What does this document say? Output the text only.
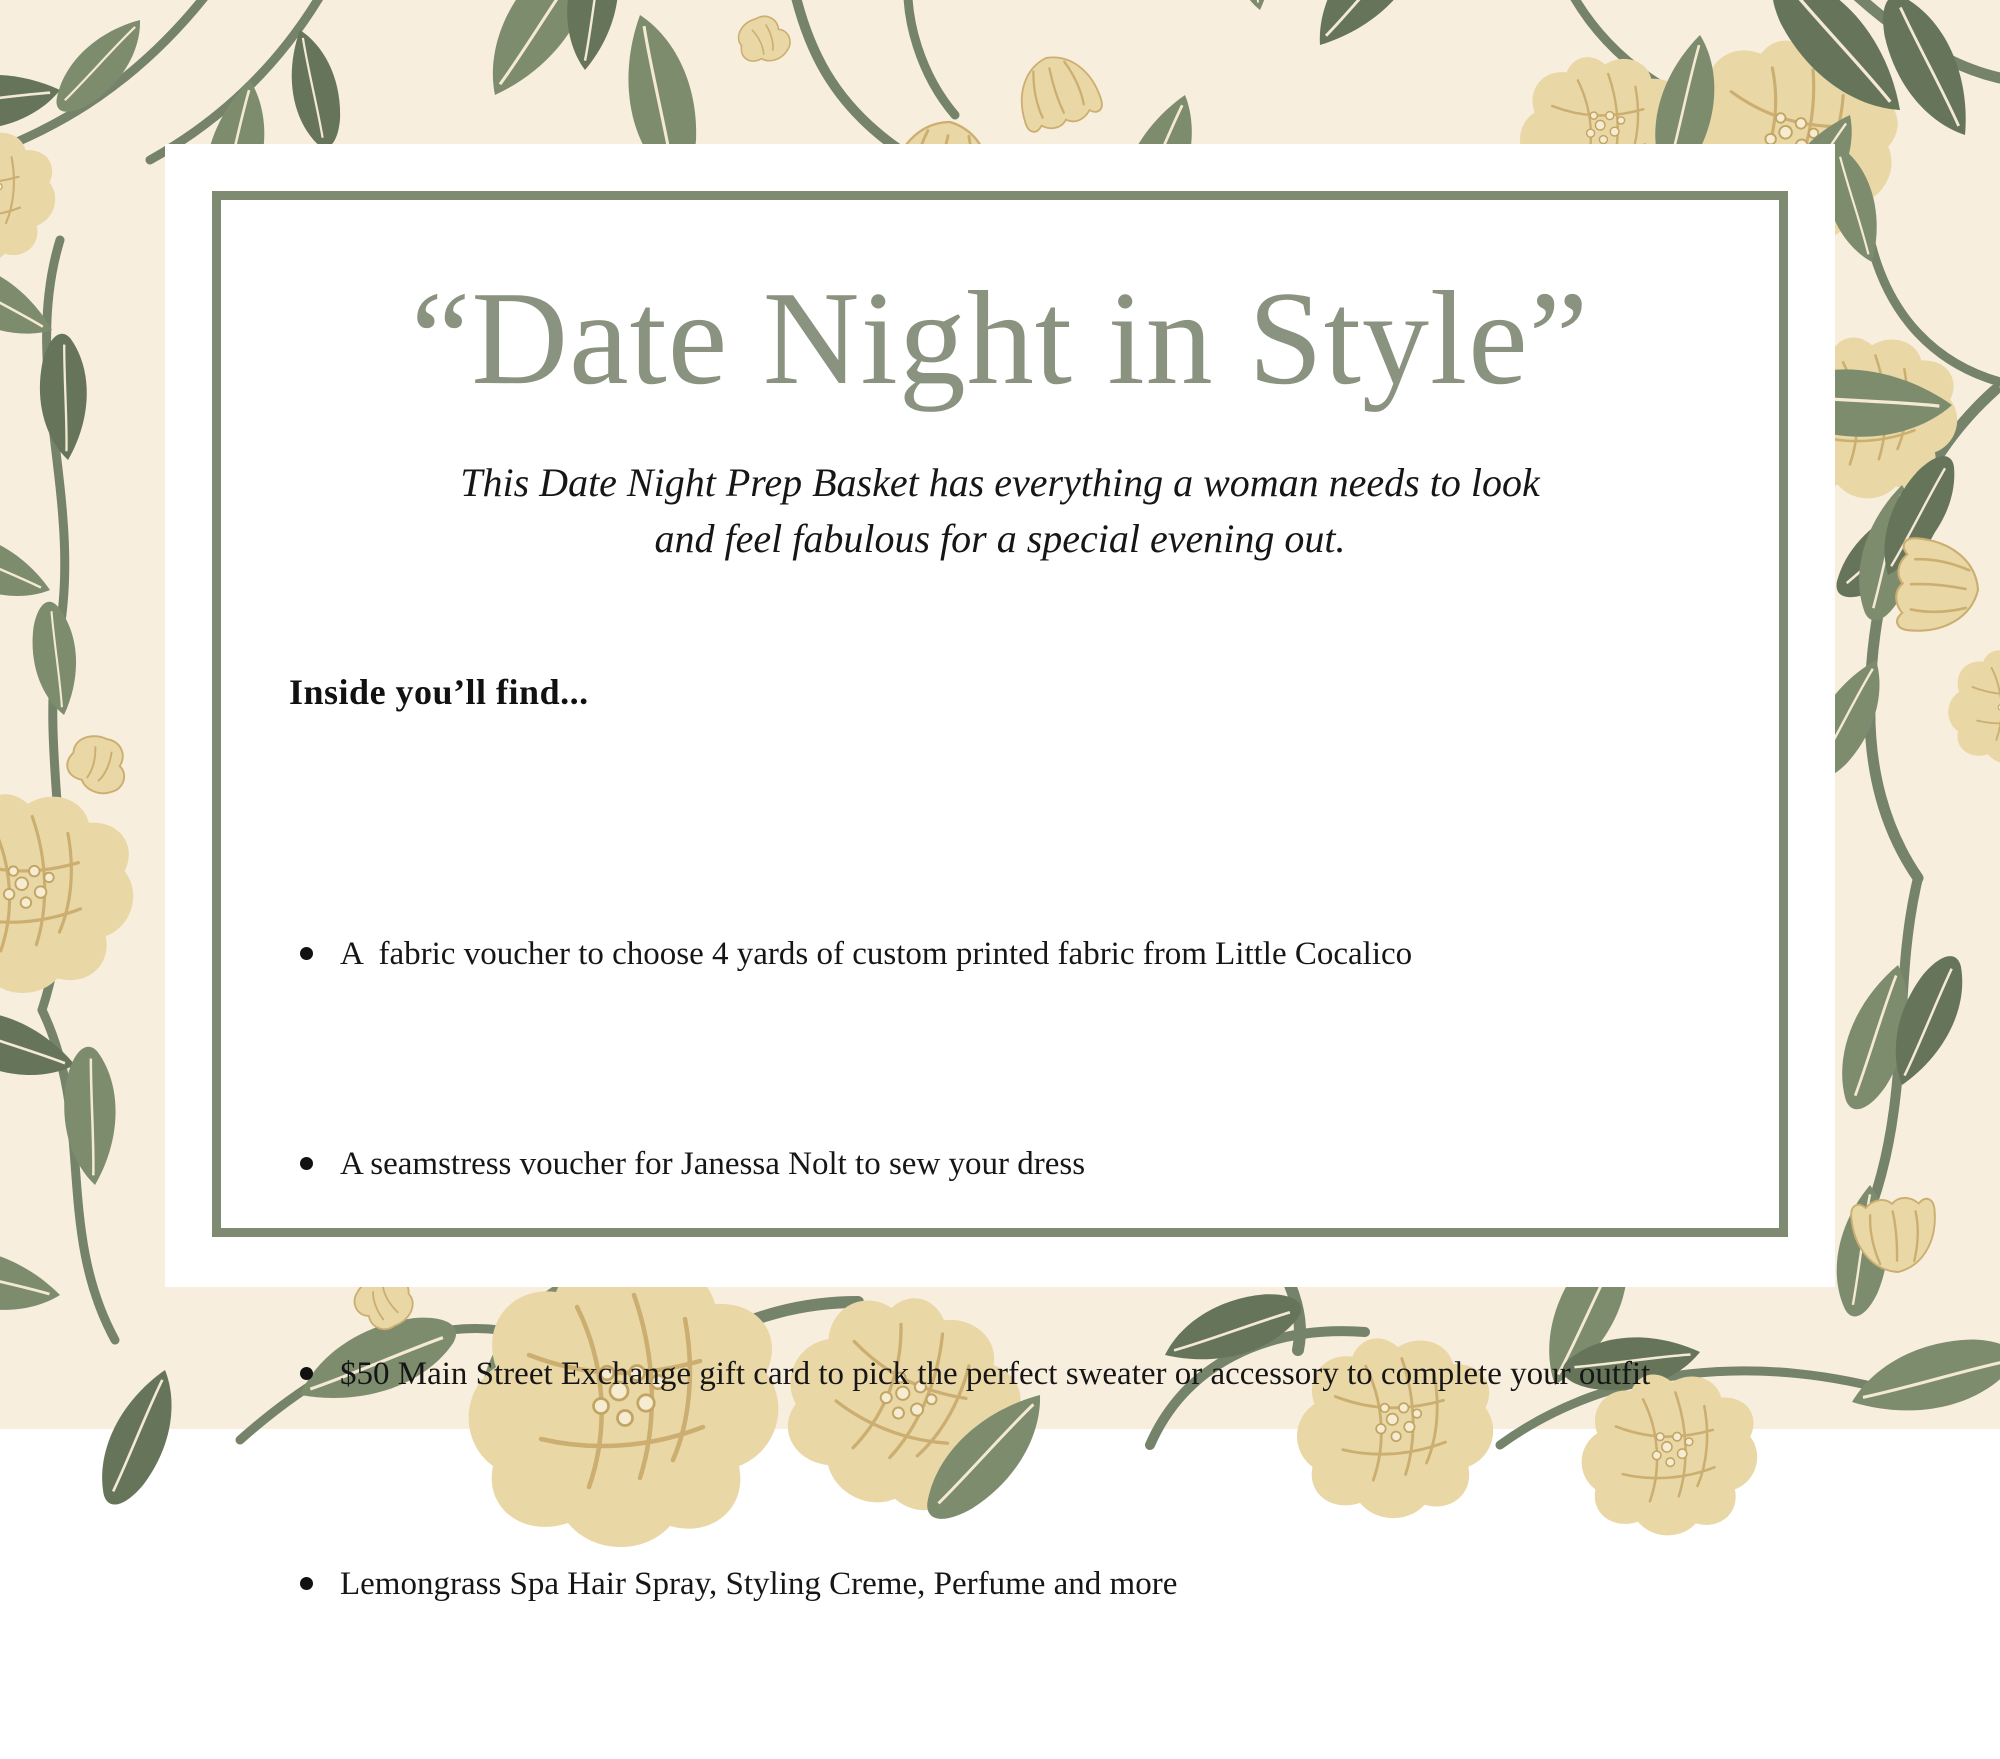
“Date Night in Style”
This Date Night Prep Basket has everything a woman needs to look
and feel fabulous for a special evening out.
Inside you’ll find...

A  fabric voucher to choose 4 yards of custom printed fabric from Little Cocalico

A seamstress voucher for Janessa Nolt to sew your dress

$50 Main Street Exchange gift card to pick the perfect sweater or accessory to complete your outfit

Lemongrass Spa Hair Spray, Styling Creme, Perfume and more
